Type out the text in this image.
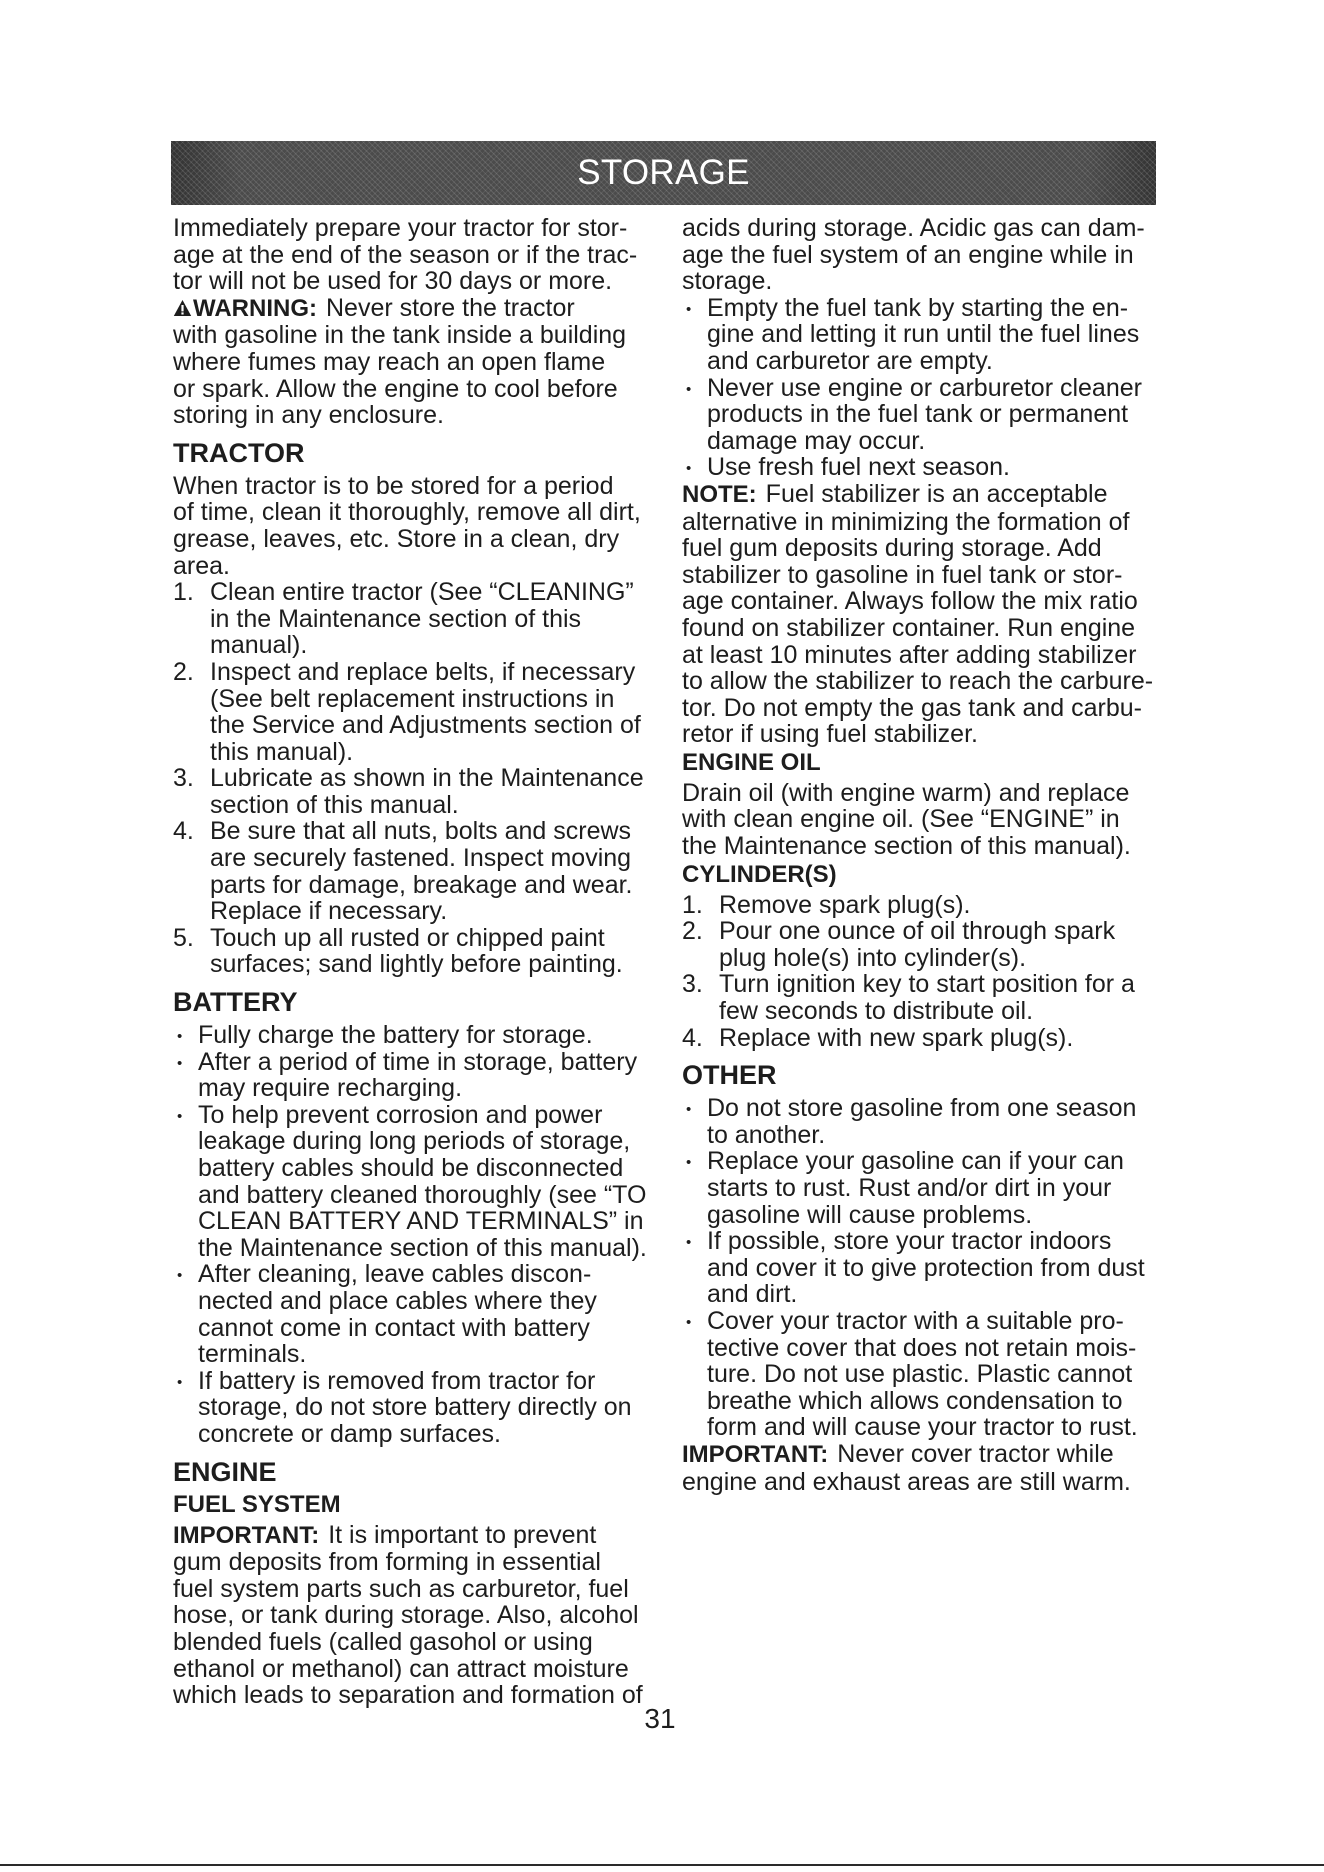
STORAGE
Immediately prepare your tractor for stor-
age at the end of the season or if the trac-
tor will not be used for 30 days or more.
WARNING: Never store the tractor
with gasoline in the tank inside a building
where fumes may reach an open flame
or spark. Allow the engine to cool before
storing in any enclosure.
TRACTOR
When tractor is to be stored for a period
of time, clean it thoroughly, remove all dirt,
grease, leaves, etc. Store in a clean, dry
area.
1. Clean entire tractor (See “CLEANING”
in the Maintenance section of this
manual).
2. Inspect and replace belts, if necessary
(See belt replacement instructions in
the Service and Adjustments section of
this manual).
3. Lubricate as shown in the Maintenance
section of this manual.
4. Be sure that all nuts, bolts and screws
are securely fastened. Inspect moving
parts for damage, breakage and wear.
Replace if necessary.
5. Touch up all rusted or chipped paint
surfaces; sand lightly before painting.
BATTERY
• Fully charge the battery for storage.
• After a period of time in storage, battery
may require recharging.
• To help prevent corrosion and power
leakage during long periods of storage,
battery cables should be disconnected
and battery cleaned thoroughly (see “TO
CLEAN BATTERY AND TERMINALS” in
the Maintenance section of this manual).
• After cleaning, leave cables discon-
nected and place cables where they
cannot come in contact with battery
terminals.
• If battery is removed from tractor for
storage, do not store battery directly on
concrete or damp surfaces.
ENGINE
FUEL SYSTEM
IMPORTANT: It is important to prevent
gum deposits from forming in essential
fuel system parts such as carburetor, fuel
hose, or tank during storage. Also, alcohol
blended fuels (called gasohol or using
ethanol or methanol) can attract moisture
which leads to separation and formation of
acids during storage. Acidic gas can dam-
age the fuel system of an engine while in
storage.
• Empty the fuel tank by starting the en-
gine and letting it run until the fuel lines
and carburetor are empty.
• Never use engine or carburetor cleaner
products in the fuel tank or permanent
damage may occur.
• Use fresh fuel next season.
NOTE: Fuel stabilizer is an acceptable
alternative in minimizing the formation of
fuel gum deposits during storage. Add
stabilizer to gasoline in fuel tank or stor-
age container. Always follow the mix ratio
found on stabilizer container. Run engine
at least 10 minutes after adding stabilizer
to allow the stabilizer to reach the carbure-
tor. Do not empty the gas tank and carbu-
retor if using fuel stabilizer.
ENGINE OIL
Drain oil (with engine warm) and replace
with clean engine oil. (See “ENGINE” in
the Maintenance section of this manual).
CYLINDER(S)
1. Remove spark plug(s).
2. Pour one ounce of oil through spark
plug hole(s) into cylinder(s).
3. Turn ignition key to start position for a
few seconds to distribute oil.
4. Replace with new spark plug(s).
OTHER
• Do not store gasoline from one season
to another.
• Replace your gasoline can if your can
starts to rust. Rust and/or dirt in your
gasoline will cause problems.
• If possible, store your tractor indoors
and cover it to give protection from dust
and dirt.
• Cover your tractor with a suitable pro-
tective cover that does not retain mois-
ture. Do not use plastic. Plastic cannot
breathe which allows condensation to
form and will cause your tractor to rust.
IMPORTANT: Never cover tractor while
engine and exhaust areas are still warm.
31
